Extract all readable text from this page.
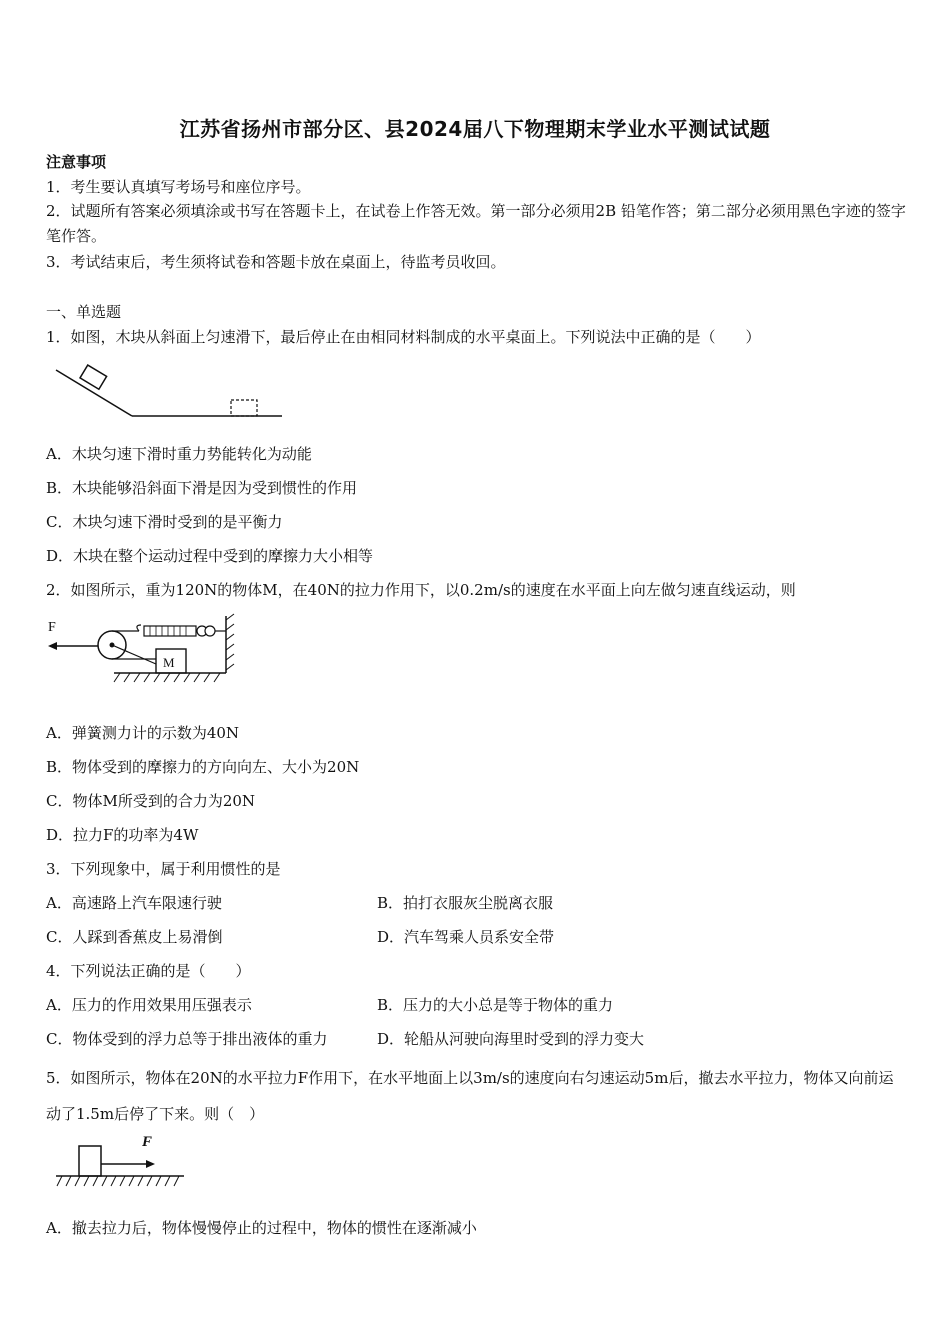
江苏省扬州市部分区、县2024届八下物理期末学业水平测试试题
注意事项
1．考生要认真填写考场号和座位序号。
2．试题所有答案必须填涂或书写在答题卡上，在试卷上作答无效。第一部分必须用2B 铅笔作答；第二部分必须用黑色字迹的签字笔作答。
3．考试结束后，考生须将试卷和答题卡放在桌面上，待监考员收回。
一、单选题
1．如图，木块从斜面上匀速滑下，最后停止在由相同材料制成的水平桌面上。下列说法中正确的是（　　）
A．木块匀速下滑时重力势能转化为动能
B．木块能够沿斜面下滑是因为受到惯性的作用
C．木块匀速下滑时受到的是平衡力
D．木块在整个运动过程中受到的摩擦力大小相等
2．如图所示，重为120N的物体M，在40N的拉力作用下，以0.2m/s的速度在水平面上向左做匀速直线运动，则
F
M
A．弹簧测力计的示数为40N
B．物体受到的摩擦力的方向向左、大小为20N
C．物体M所受到的合力为20N
D．拉力F的功率为4W
3．下列现象中，属于利用惯性的是
A．高速路上汽车限速行驶	B．拍打衣服灰尘脱离衣服
C．人踩到香蕉皮上易滑倒	D．汽车驾乘人员系安全带
4．下列说法正确的是（　　）
A．压力的作用效果用压强表示	B．压力的大小总是等于物体的重力
C．物体受到的浮力总等于排出液体的重力	D．轮船从河驶向海里时受到的浮力变大
5．如图所示，物体在20N的水平拉力F作用下，在水平地面上以3m/s的速度向右匀速运动5m后，撤去水平拉力，物体又向前运动了1.5m后停了下来。则（　）
F
A．撤去拉力后，物体慢慢停止的过程中，物体的惯性在逐渐减小
